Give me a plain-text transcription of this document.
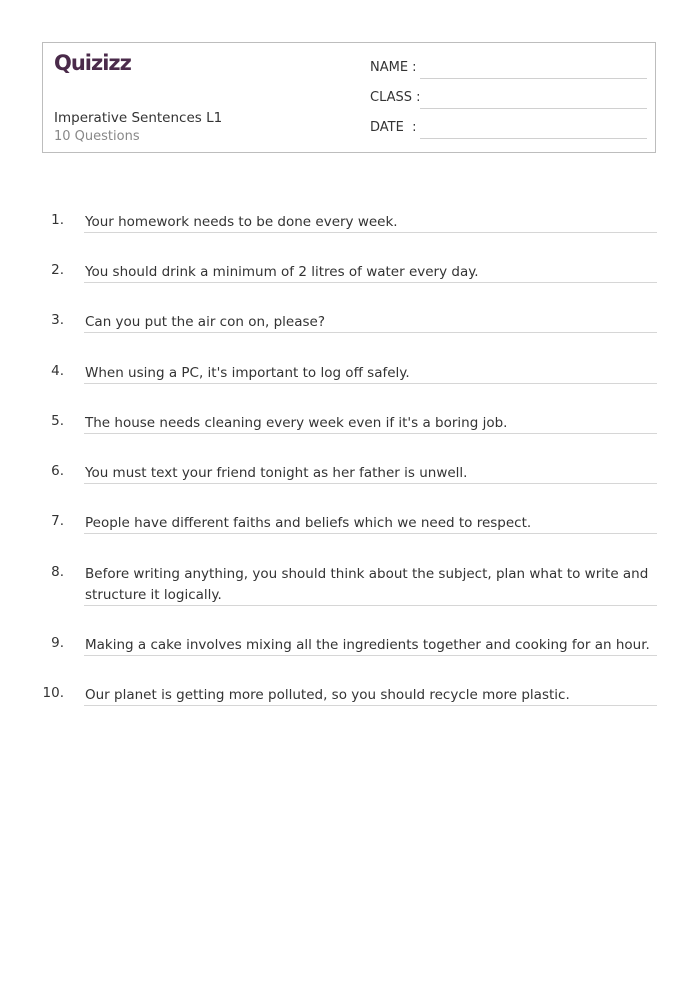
Quizizz
Imperative Sentences L1
10 Questions
NAME :
CLASS :
DATE  :
1. Your homework needs to be done every week.
2. You should drink a minimum of 2 litres of water every day.
3. Can you put the air con on, please?
4. When using a PC, it's important to log off safely.
5. The house needs cleaning every week even if it's a boring job.
6. You must text your friend tonight as her father is unwell.
7. People have different faiths and beliefs which we need to respect.
8. Before writing anything, you should think about the subject, plan what to write and structure it logically.
9. Making a cake involves mixing all the ingredients together and cooking for an hour.
10. Our planet is getting more polluted, so you should recycle more plastic.
